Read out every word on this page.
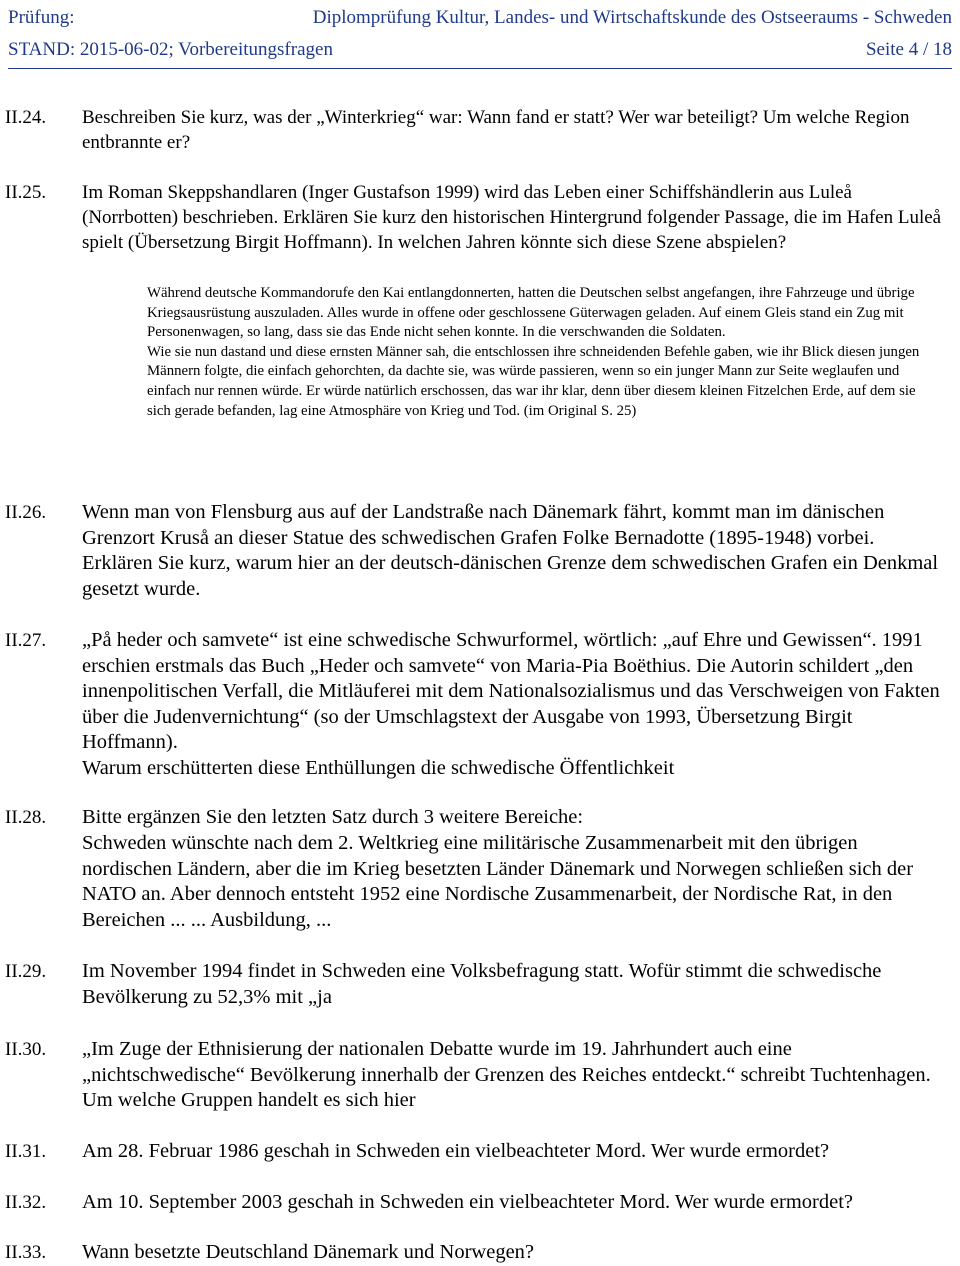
Prüfung:	Diplomprüfung Kultur, Landes- und Wirtschaftskunde des Ostseeraums - Schweden
STAND: 2015-06-02; Vorbereitungsfragen	Seite 4 / 18
II.24. Beschreiben Sie kurz, was der „Winterkrieg“ war: Wann fand er statt? Wer war beteiligt? Um welche Region entbrannte er?

II.25. Im Roman Skeppshandlaren (Inger Gustafson 1999) wird das Leben einer Schiffshändlerin aus Luleå (Norrbotten) beschrieben. Erklären Sie kurz den historischen Hintergrund folgender Passage, die im Hafen Luleå spielt (Übersetzung Birgit Hoffmann). In welchen Jahren könnte sich diese Szene abspielen?

Während deutsche Kommandorufe den Kai entlangdonnerten, hatten die Deutschen selbst angefangen, ihre Fahrzeuge und übrige Kriegsausrüstung auszuladen. Alles wurde in offene oder geschlossene Güterwagen geladen. Auf einem Gleis stand ein Zug mit Personenwagen, so lang, dass sie das Ende nicht sehen konnte. In die verschwanden die Soldaten.

Wie sie nun dastand und diese ernsten Männer sah, die entschlossen ihre schneidenden Befehle gaben, wie ihr Blick diesen jungen Männern folgte, die einfach gehorchten, da dachte sie, was würde passieren, wenn so ein junger Mann zur Seite weglaufen und einfach nur rennen würde. Er würde natürlich erschossen, das war ihr klar, denn über diesem kleinen Fitzelchen Erde, auf dem sie sich gerade befanden, lag eine Atmosphäre von Krieg und Tod. (im Original S. 25)

II.26. Wenn man von Flensburg aus auf der Landstraße nach Dänemark fährt, kommt man im dänischen Grenzort Kruså an dieser Statue des schwedischen Grafen Folke Bernadotte (1895-1948) vorbei. Erklären Sie kurz, warum hier an der deutsch-dänischen Grenze dem schwedischen Grafen ein Denkmal gesetzt wurde.

II.27. „På heder och samvete“ ist eine schwedische Schwurformel, wörtlich: „auf Ehre und Gewissen“. 1991 erschien erstmals das Buch „Heder och samvete“ von Maria-Pia Boëthius. Die Autorin schildert „den innenpolitischen Verfall, die Mitläuferei mit dem Nationalsozialismus und das Verschweigen von Fakten über die Judenvernichtung“ (so der Umschlagstext der Ausgabe von 1993, Übersetzung Birgit Hoffmann).

Warum erschütterten diese Enthüllungen die schwedische Öffentlichkeit

II.28. Bitte ergänzen Sie den letzten Satz durch 3 weitere Bereiche:

Schweden wünschte nach dem 2. Weltkrieg eine militärische Zusammenarbeit mit den übrigen nordischen Ländern, aber die im Krieg besetzten Länder Dänemark und Norwegen schließen sich der NATO an. Aber dennoch entsteht 1952 eine Nordische Zusammenarbeit, der Nordische Rat, in den Bereichen ... ... Ausbildung, ...

II.29. Im November 1994 findet in Schweden eine Volksbefragung statt. Wofür stimmt die schwedische Bevölkerung zu 52,3% mit „ja

II.30. „Im Zuge der Ethnisierung der nationalen Debatte wurde im 19. Jahrhundert auch eine „nichtschwedische“ Bevölkerung innerhalb der Grenzen des Reiches entdeckt.“ schreibt Tuchtenhagen. Um welche Gruppen handelt es sich hier

II.31. Am 28. Februar 1986 geschah in Schweden ein vielbeachteter Mord. Wer wurde ermordet?

II.32. Am 10. September 2003 geschah in Schweden ein vielbeachteter Mord. Wer wurde ermordet?

II.33. Wann besetzte Deutschland Dänemark und Norwegen?
